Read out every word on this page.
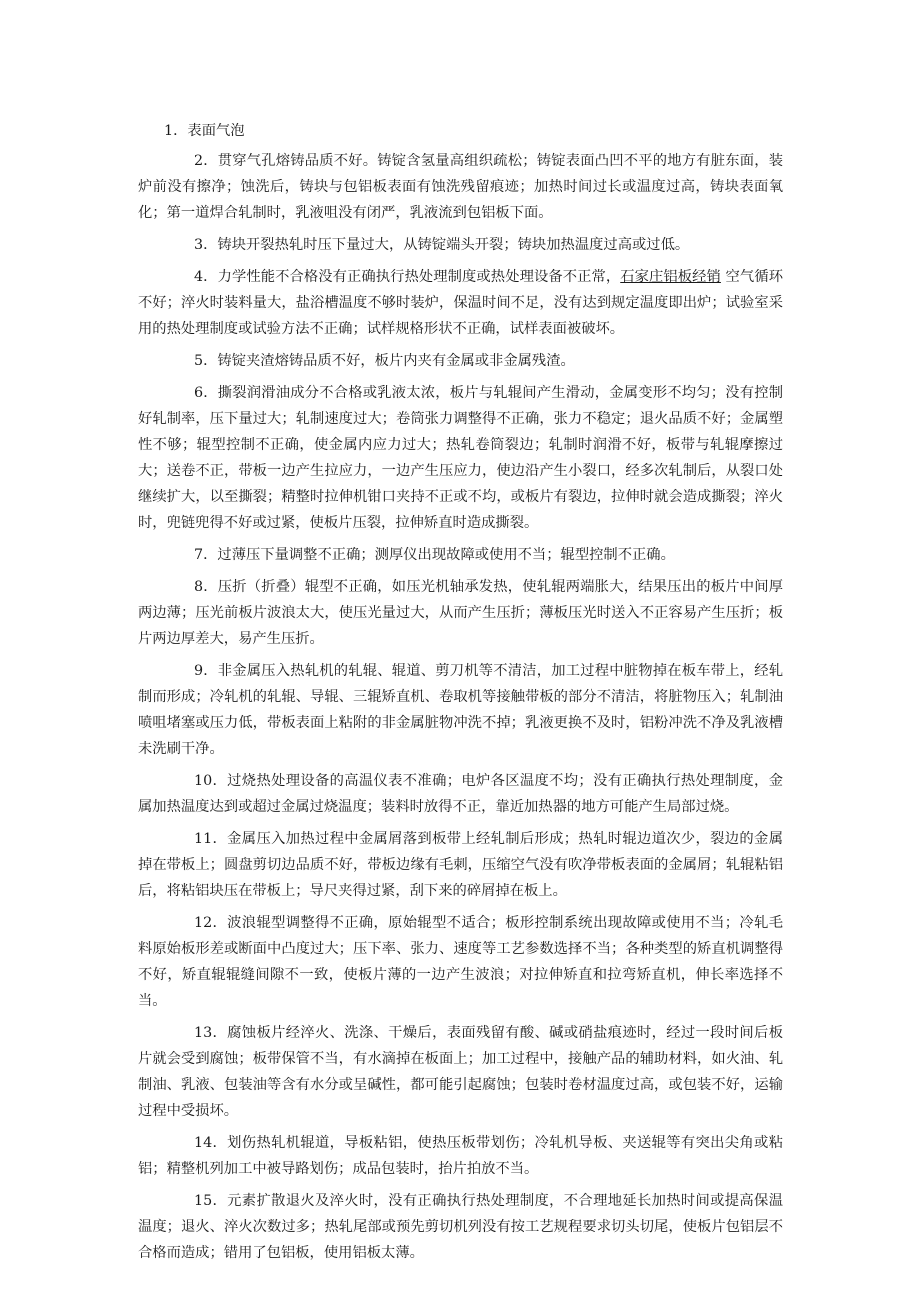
1．表面气泡

2．贯穿气孔熔铸品质不好。铸锭含氢量高组织疏松；铸锭表面凸凹不平的地方有脏东面，装炉前没有擦净；蚀洗后，铸块与包铝板表面有蚀洗残留痕迹；加热时间过长或温度过高，铸块表面氧化；第一道焊合轧制时，乳液咀没有闭严，乳液流到包铝板下面。

3．铸块开裂热轧时压下量过大，从铸锭端头开裂；铸块加热温度过高或过低。

4．力学性能不合格没有正确执行热处理制度或热处理设备不正常，石家庄铝板经销 空气循环不好；淬火时装料量大，盐浴槽温度不够时装炉，保温时间不足，没有达到规定温度即出炉；试验室采用的热处理制度或试验方法不正确；试样规格形状不正确，试样表面被破坏。

5．铸锭夹渣熔铸品质不好，板片内夹有金属或非金属残渣。

6．撕裂润滑油成分不合格或乳液太浓，板片与轧辊间产生滑动，金属变形不均匀；没有控制好轧制率，压下量过大；轧制速度过大；卷筒张力调整得不正确，张力不稳定；退火品质不好；金属塑性不够；辊型控制不正确，使金属内应力过大；热轧卷筒裂边；轧制时润滑不好，板带与轧辊摩擦过大；送卷不正，带板一边产生拉应力，一边产生压应力，使边沿产生小裂口，经多次轧制后，从裂口处继续扩大，以至撕裂；精整时拉伸机钳口夹持不正或不均，或板片有裂边，拉伸时就会造成撕裂；淬火时，兜链兜得不好或过紧，使板片压裂，拉伸矫直时造成撕裂。

7．过薄压下量调整不正确；测厚仪出现故障或使用不当；辊型控制不正确。

8．压折（折叠）辊型不正确，如压光机轴承发热，使轧辊两端胀大，结果压出的板片中间厚两边薄；压光前板片波浪太大，使压光量过大，从而产生压折；薄板压光时送入不正容易产生压折；板片两边厚差大，易产生压折。

9．非金属压入热轧机的轧辊、辊道、剪刀机等不清洁，加工过程中脏物掉在板车带上，经轧制而形成；冷轧机的轧辊、导辊、三辊矫直机、卷取机等接触带板的部分不清洁，将脏物压入；轧制油喷咀堵塞或压力低，带板表面上粘附的非金属脏物冲洗不掉；乳液更换不及时，铝粉冲洗不净及乳液槽未洗刷干净。

10．过烧热处理设备的高温仪表不准确；电炉各区温度不均；没有正确执行热处理制度，金属加热温度达到或超过金属过烧温度；装料时放得不正，靠近加热器的地方可能产生局部过烧。

11．金属压入加热过程中金属屑落到板带上经轧制后形成；热轧时辊边道次少，裂边的金属掉在带板上；圆盘剪切边品质不好，带板边缘有毛刺，压缩空气没有吹净带板表面的金属屑；轧辊粘铝后，将粘铝块压在带板上；导尺夹得过紧，刮下来的碎屑掉在板上。

12．波浪辊型调整得不正确，原始辊型不适合；板形控制系统出现故障或使用不当；冷轧毛料原始板形差或断面中凸度过大；压下率、张力、速度等工艺参数选择不当；各种类型的矫直机调整得不好，矫直辊辊缝间隙不一致，使板片薄的一边产生波浪；对拉伸矫直和拉弯矫直机，伸长率选择不当。

13．腐蚀板片经淬火、洗涤、干燥后，表面残留有酸、碱或硝盐痕迹时，经过一段时间后板片就会受到腐蚀；板带保管不当，有水滴掉在板面上；加工过程中，接触产品的辅助材料，如火油、轧制油、乳液、包装油等含有水分或呈碱性，都可能引起腐蚀；包装时卷材温度过高，或包装不好，运输过程中受损坏。

14．划伤热轧机辊道，导板粘铝，使热压板带划伤；冷轧机导板、夹送辊等有突出尖角或粘铝；精整机列加工中被导路划伤；成品包装时，抬片拍放不当。

15．元素扩散退火及淬火时，没有正确执行热处理制度，不合理地延长加热时间或提高保温温度；退火、淬火次数过多；热轧尾部或预先剪切机列没有按工艺规程要求切头切尾，使板片包铝层不合格而造成；错用了包铝板，使用铝板太薄。
